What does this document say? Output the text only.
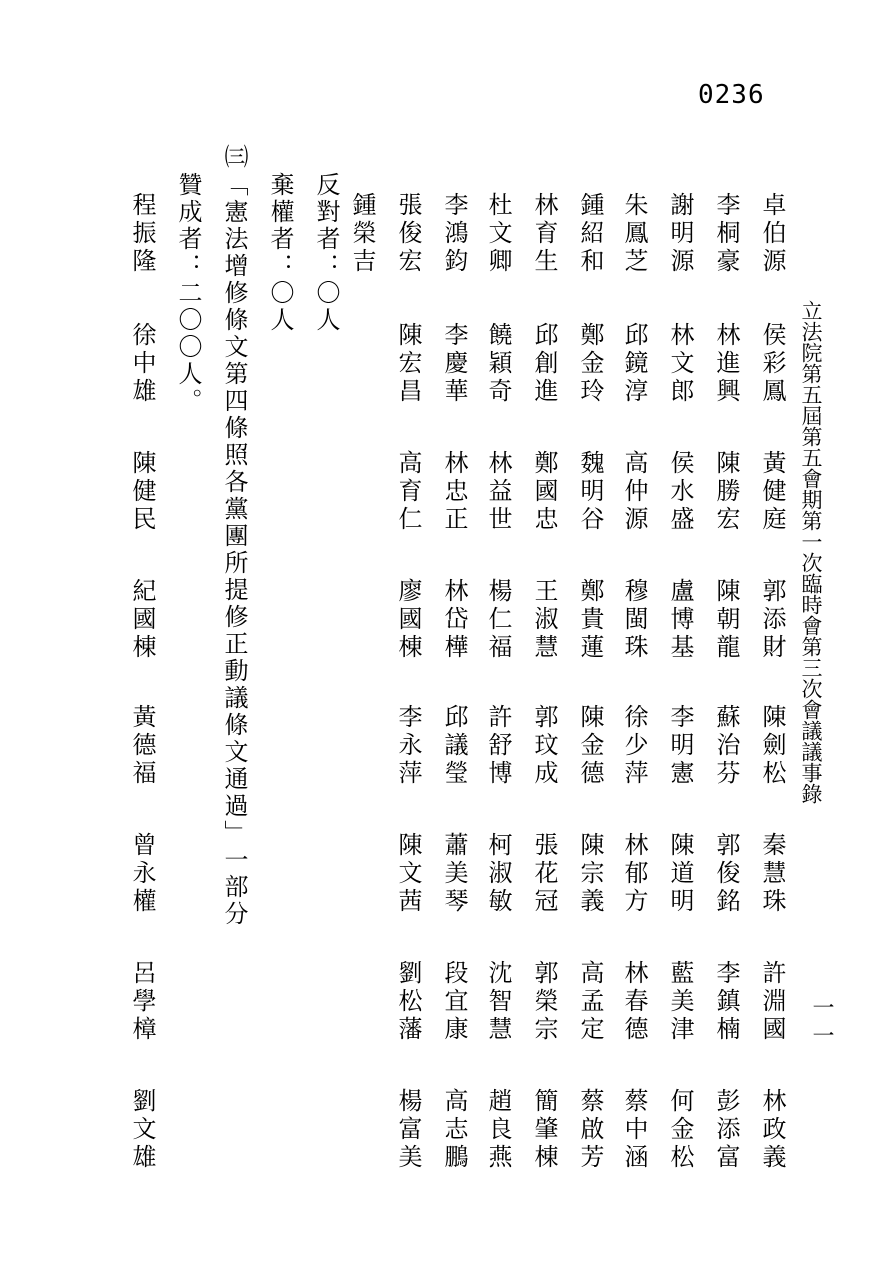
0236
立法院第五屆第五會期第一次臨時會第三次會議議事錄
一一
卓伯源
侯彩鳳
黃健庭
郭添財
陳劍松
秦慧珠
許淵國
林政義
李桐豪
林進興
陳勝宏
陳朝龍
蘇治芬
郭俊銘
李鎮楠
彭添富
謝明源
林文郎
侯水盛
盧博基
李明憲
陳道明
藍美津
何金松
朱鳳芝
邱鏡淳
高仲源
穆閩珠
徐少萍
林郁方
林春德
蔡中涵
鍾紹和
鄭金玲
魏明谷
鄭貴蓮
陳金德
陳宗義
高孟定
蔡啟芳
林育生
邱創進
鄭國忠
王淑慧
郭玟成
張花冠
郭榮宗
簡肇棟
杜文卿
饒穎奇
林益世
楊仁福
許舒博
柯淑敏
沈智慧
趙良燕
李鴻鈞
李慶華
林忠正
林岱樺
邱議瑩
蕭美琴
段宜康
高志鵬
張俊宏
陳宏昌
高育仁
廖國棟
李永萍
陳文茜
劉松藩
楊富美
鍾榮吉
反對者：〇人
棄權者：〇人
㈢
「憲法增修條文第四條照各黨團所提修正動議條文通過」一部分
贊成者：二〇〇人。
程振隆
徐中雄
陳健民
紀國棟
黃德福
曾永權
呂學樟
劉文雄
